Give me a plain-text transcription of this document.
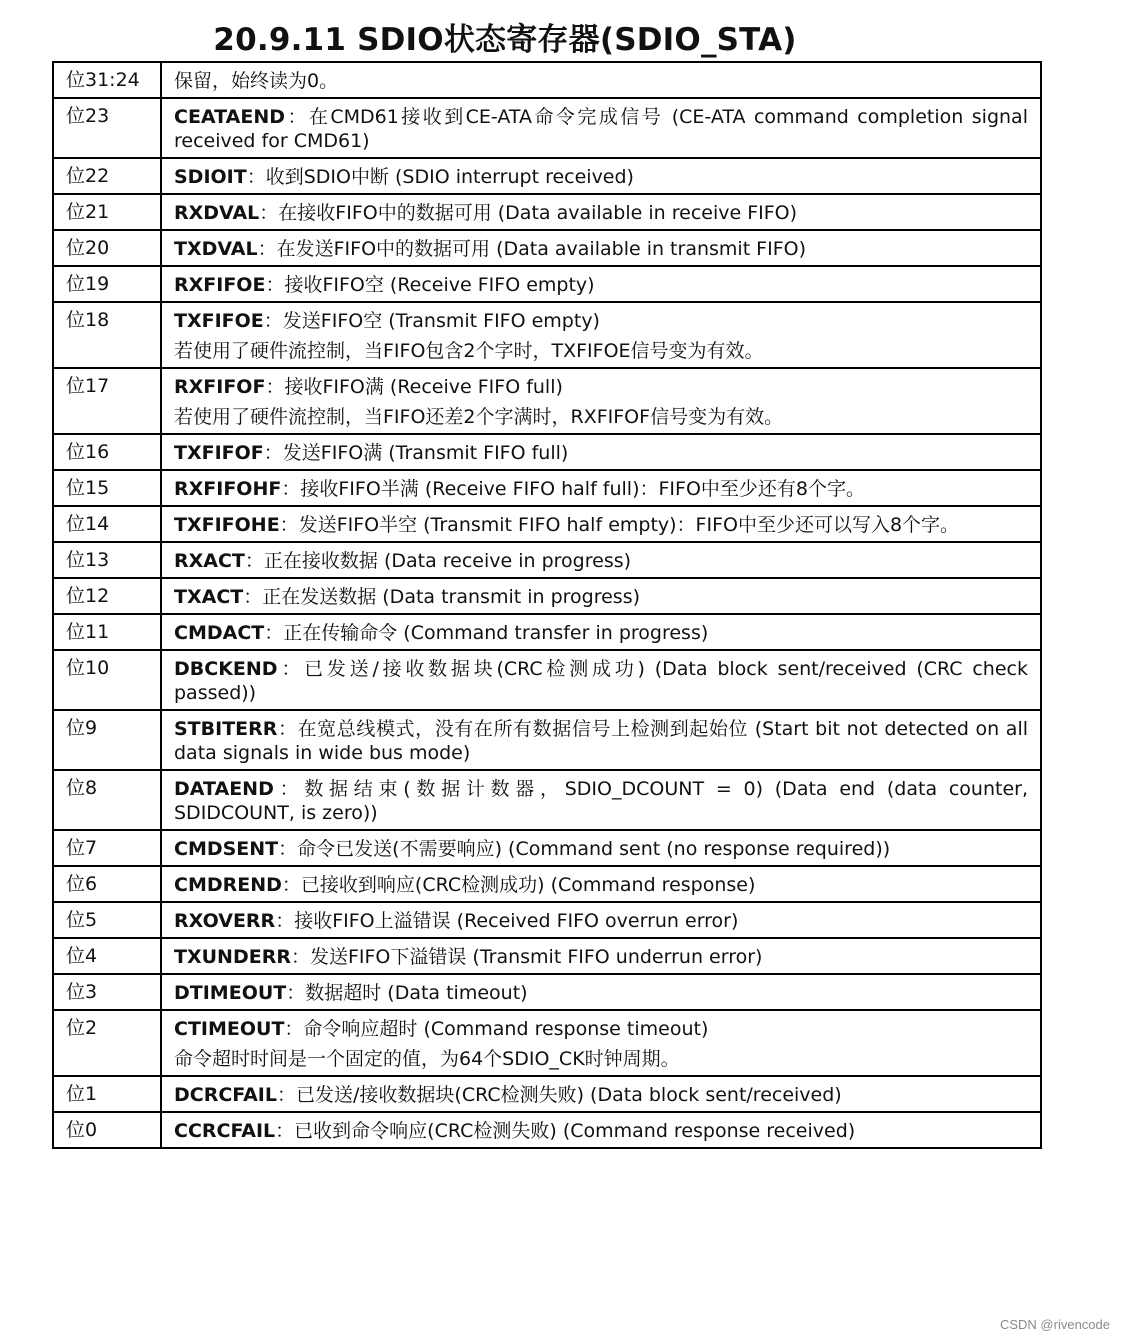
20.9.11 SDIO状态寄存器(SDIO_STA)
位31:24	保留，始终读为0。

位23	CEATAEND：在CMD61接收到CE-ATA命令完成信号 (CE-ATA command completion signal received for CMD61)

位22	SDIOIT：收到SDIO中断 (SDIO interrupt received)

位21	RXDVAL：在接收FIFO中的数据可用 (Data available in receive FIFO)

位20	TXDVAL：在发送FIFO中的数据可用 (Data available in transmit FIFO)

位19	RXFIFOE：接收FIFO空 (Receive FIFO empty)

位18	TXFIFOE：发送FIFO空 (Transmit FIFO empty)
若使用了硬件流控制，当FIFO包含2个字时，TXFIFOE信号变为有效。

位17	RXFIFOF：接收FIFO满 (Receive FIFO full)
若使用了硬件流控制，当FIFO还差2个字满时，RXFIFOF信号变为有效。

位16	TXFIFOF：发送FIFO满 (Transmit FIFO full)

位15	RXFIFOHF：接收FIFO半满 (Receive FIFO half full)：FIFO中至少还有8个字。

位14	TXFIFOHE：发送FIFO半空 (Transmit FIFO half empty)：FIFO中至少还可以写入8个字。

位13	RXACT：正在接收数据 (Data receive in progress)

位12	TXACT：正在发送数据 (Data transmit in progress)

位11	CMDACT：正在传输命令 (Command transfer in progress)

位10	DBCKEND：已发送/接收数据块(CRC检测成功) (Data block sent/received (CRC check passed))

位9	STBITERR：在宽总线模式，没有在所有数据信号上检测到起始位 (Start bit not detected on all data signals in wide bus mode)

位8	DATAEND：数据结束(数据计数器，SDIO_DCOUNT = 0) (Data end (data counter, SDIDCOUNT, is zero))

位7	CMDSENT：命令已发送(不需要响应) (Command sent (no response required))

位6	CMDREND：已接收到响应(CRC检测成功) (Command response)

位5	RXOVERR：接收FIFO上溢错误 (Received FIFO overrun error)

位4	TXUNDERR：发送FIFO下溢错误 (Transmit FIFO underrun error)

位3	DTIMEOUT：数据超时 (Data timeout)

位2	CTIMEOUT：命令响应超时 (Command response timeout)
命令超时时间是一个固定的值，为64个SDIO_CK时钟周期。

位1	DCRCFAIL：已发送/接收数据块(CRC检测失败) (Data block sent/received)

位0	CCRCFAIL：已收到命令响应(CRC检测失败) (Command response received)
CSDN @rivencode
